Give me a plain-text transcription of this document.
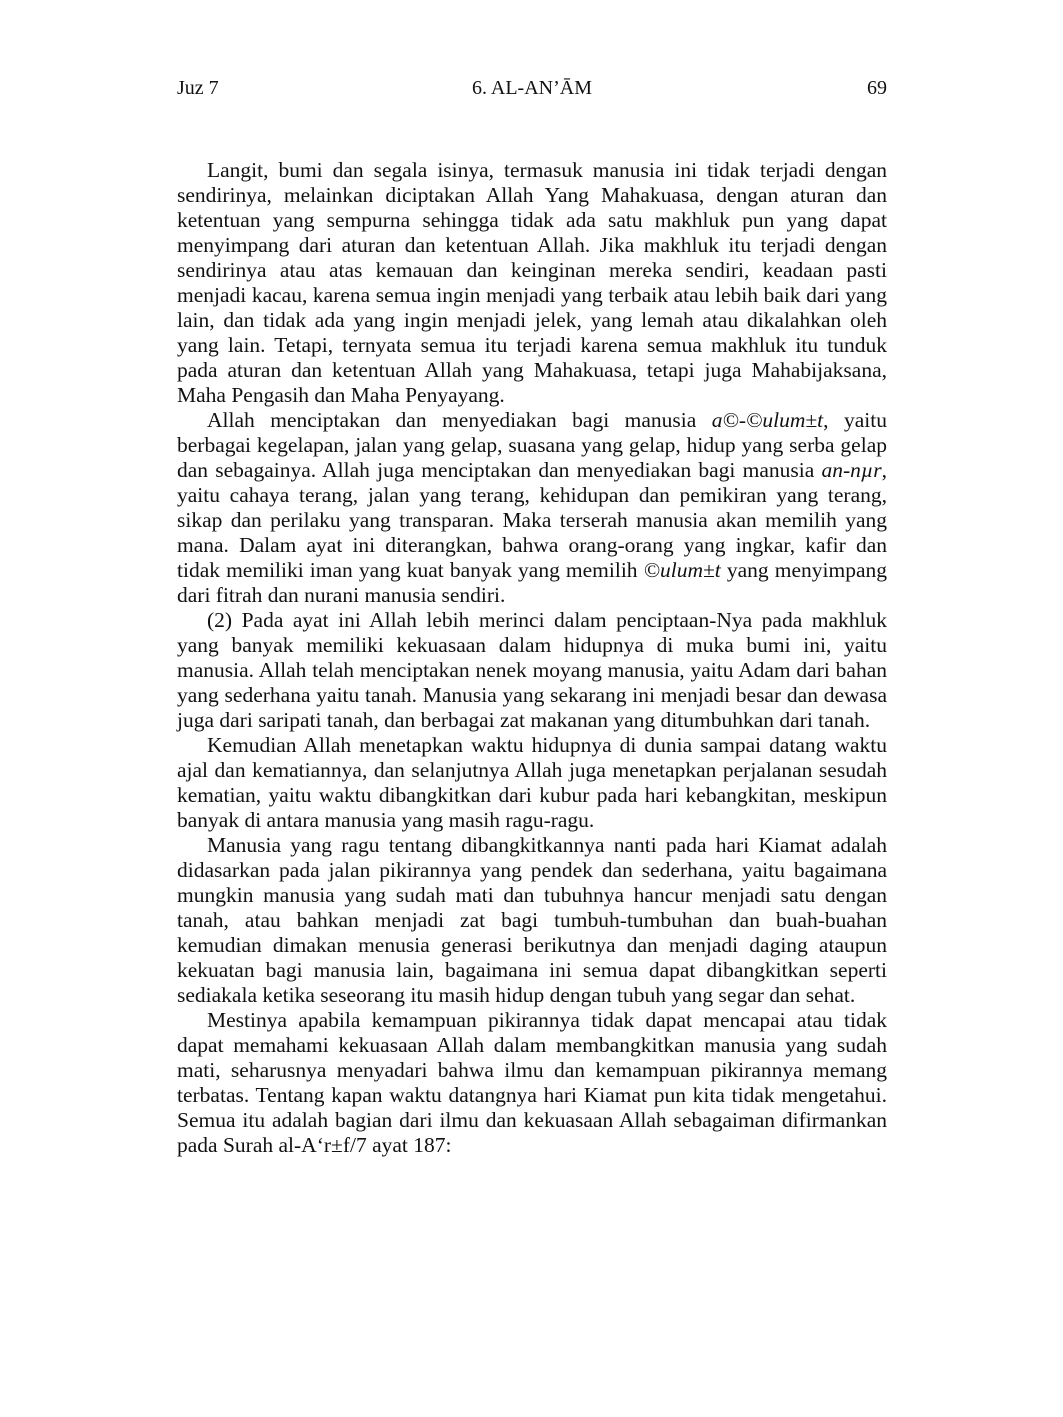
Juz 7	6. AL-AN’ĀM	69

Langit, bumi dan segala isinya, termasuk manusia ini tidak terjadi dengan sendirinya, melainkan diciptakan Allah Yang Mahakuasa, dengan aturan dan ketentuan yang sempurna sehingga tidak ada satu makhluk pun yang dapat menyimpang dari aturan dan ketentuan Allah. Jika makhluk itu terjadi dengan sendirinya atau atas kemauan dan keinginan mereka sendiri, keadaan pasti menjadi kacau, karena semua ingin menjadi yang terbaik atau lebih baik dari yang lain, dan tidak ada yang ingin menjadi jelek, yang lemah atau dikalahkan oleh yang lain. Tetapi, ternyata semua itu terjadi karena semua makhluk itu tunduk pada aturan dan ketentuan Allah yang Mahakuasa, tetapi juga Mahabijaksana, Maha Pengasih dan Maha Penyayang.

Allah menciptakan dan menyediakan bagi manusia a©-©ulum±t, yaitu berbagai kegelapan, jalan yang gelap, suasana yang gelap, hidup yang serba gelap dan sebagainya. Allah juga menciptakan dan menyediakan bagi manusia an-nµr, yaitu cahaya terang, jalan yang terang, kehidupan dan pemikiran yang terang, sikap dan perilaku yang transparan. Maka terserah manusia akan memilih yang mana. Dalam ayat ini diterangkan, bahwa orang-orang yang ingkar, kafir dan tidak memiliki iman yang kuat banyak yang memilih ©ulum±t yang menyimpang dari fitrah dan nurani manusia sendiri.

(2) Pada ayat ini Allah lebih merinci dalam penciptaan-Nya pada makhluk yang banyak memiliki kekuasaan dalam hidupnya di muka bumi ini, yaitu manusia. Allah telah menciptakan nenek moyang manusia, yaitu Adam dari bahan yang sederhana yaitu tanah. Manusia yang sekarang ini menjadi besar dan dewasa juga dari saripati tanah, dan berbagai zat makanan yang ditumbuhkan dari tanah.

Kemudian Allah menetapkan waktu hidupnya di dunia sampai datang waktu ajal dan kematiannya, dan selanjutnya Allah juga menetapkan perjalanan sesudah kematian, yaitu waktu dibangkitkan dari kubur pada hari kebangkitan, meskipun banyak di antara manusia yang masih ragu-ragu.

Manusia yang ragu tentang dibangkitkannya nanti pada hari Kiamat adalah didasarkan pada jalan pikirannya yang pendek dan sederhana, yaitu bagaimana mungkin manusia yang sudah mati dan tubuhnya hancur menjadi satu dengan tanah, atau bahkan menjadi zat bagi tumbuh-tumbuhan dan buah-buahan kemudian dimakan menusia generasi berikutnya dan menjadi daging ataupun kekuatan bagi manusia lain, bagaimana ini semua dapat dibangkitkan seperti sediakala ketika seseorang itu masih hidup dengan tubuh yang segar dan sehat.

Mestinya apabila kemampuan pikirannya tidak dapat mencapai atau tidak dapat memahami kekuasaan Allah dalam membangkitkan manusia yang sudah mati, seharusnya menyadari bahwa ilmu dan kemampuan pikirannya memang terbatas. Tentang kapan waktu datangnya hari Kiamat pun kita tidak mengetahui. Semua itu adalah bagian dari ilmu dan kekuasaan Allah sebagaiman difirmankan pada Surah al-A‘r±f/7 ayat 187:
